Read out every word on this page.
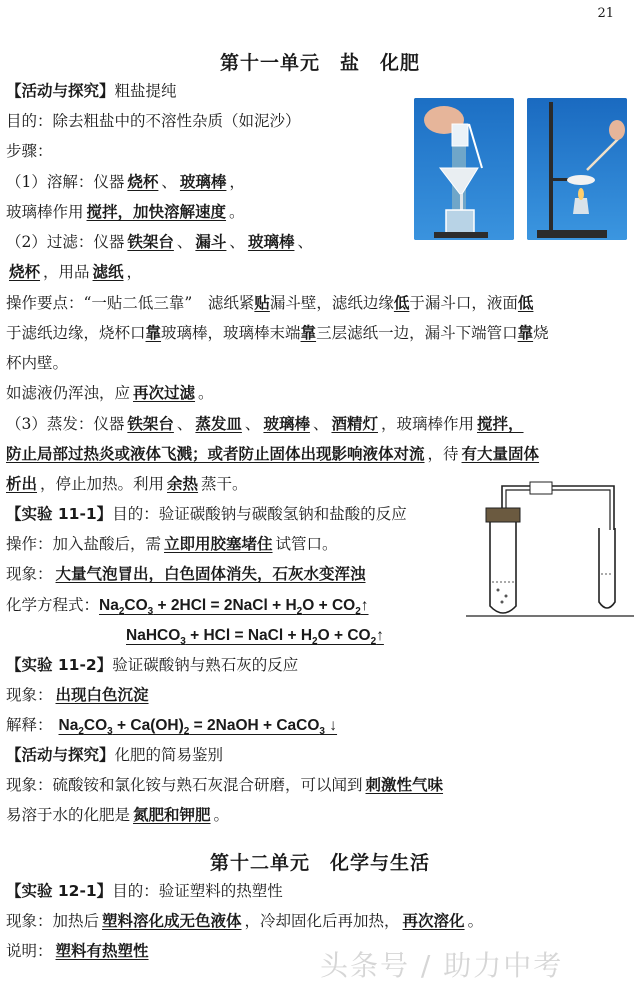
21
第十一单元　盐　化肥
【活动与探究】粗盐提纯
目的：除去粗盐中的不溶性杂质（如泥沙）
步骤：
（1）溶解：仪器 烧杯 、 玻璃棒 ，
玻璃棒作用 搅拌，加快溶解速度 。
（2）过滤：仪器 铁架台 、 漏斗 、 玻璃棒 、
烧杯 ，用品 滤纸 ，
操作要点：“一贴二低三靠”　滤纸紧贴漏斗壁，滤纸边缘低于漏斗口，液面低
于滤纸边缘，烧杯口靠玻璃棒，玻璃棒末端靠三层滤纸一边，漏斗下端管口靠烧
杯内壁。
如滤液仍浑浊，应 再次过滤 。
（3）蒸发：仪器 铁架台 、 蒸发皿 、 玻璃棒 、 酒精灯 ，玻璃棒作用 搅拌，
防止局部过热炎或液体飞溅；或者防止固体出现影响液体对流 ，待 有大量固体
析出 ，停止加热。利用 余热 蒸干。
【实验 11-1】目的：验证碳酸钠与碳酸氢钠和盐酸的反应
操作：加入盐酸后，需 立即用胶塞堵住 试管口。
现象： 大量气泡冒出，白色固体消失，石灰水变浑浊
化学方程式：$Na_2CO_3 + 2HCl$ = 2NaCl + $H_2O$ + $CO_2↑$
NaHCO$_3$ + HCl = NaCl + $H_2O$ + $CO_2↑$
【实验 11-2】验证碳酸钠与熟石灰的反应
现象： 出现白色沉淀
解释： $Na_2CO_3 + Ca(OH)_2$ = 2NaOH + CaCO$_3$ ↓
【活动与探究】化肥的简易鉴别
现象：硫酸铵和氯化铵与熟石灰混合研磨，可以闻到 刺激性气味
易溶于水的化肥是 氮肥和钾肥 。
第十二单元　化学与生活
【实验 12-1】目的：验证塑料的热塑性
现象：加热后 塑料溶化成无色液体 ，冷却固化后再加热， 再次溶化 。
说明： 塑料有热塑性	头条号 / 助力中考
